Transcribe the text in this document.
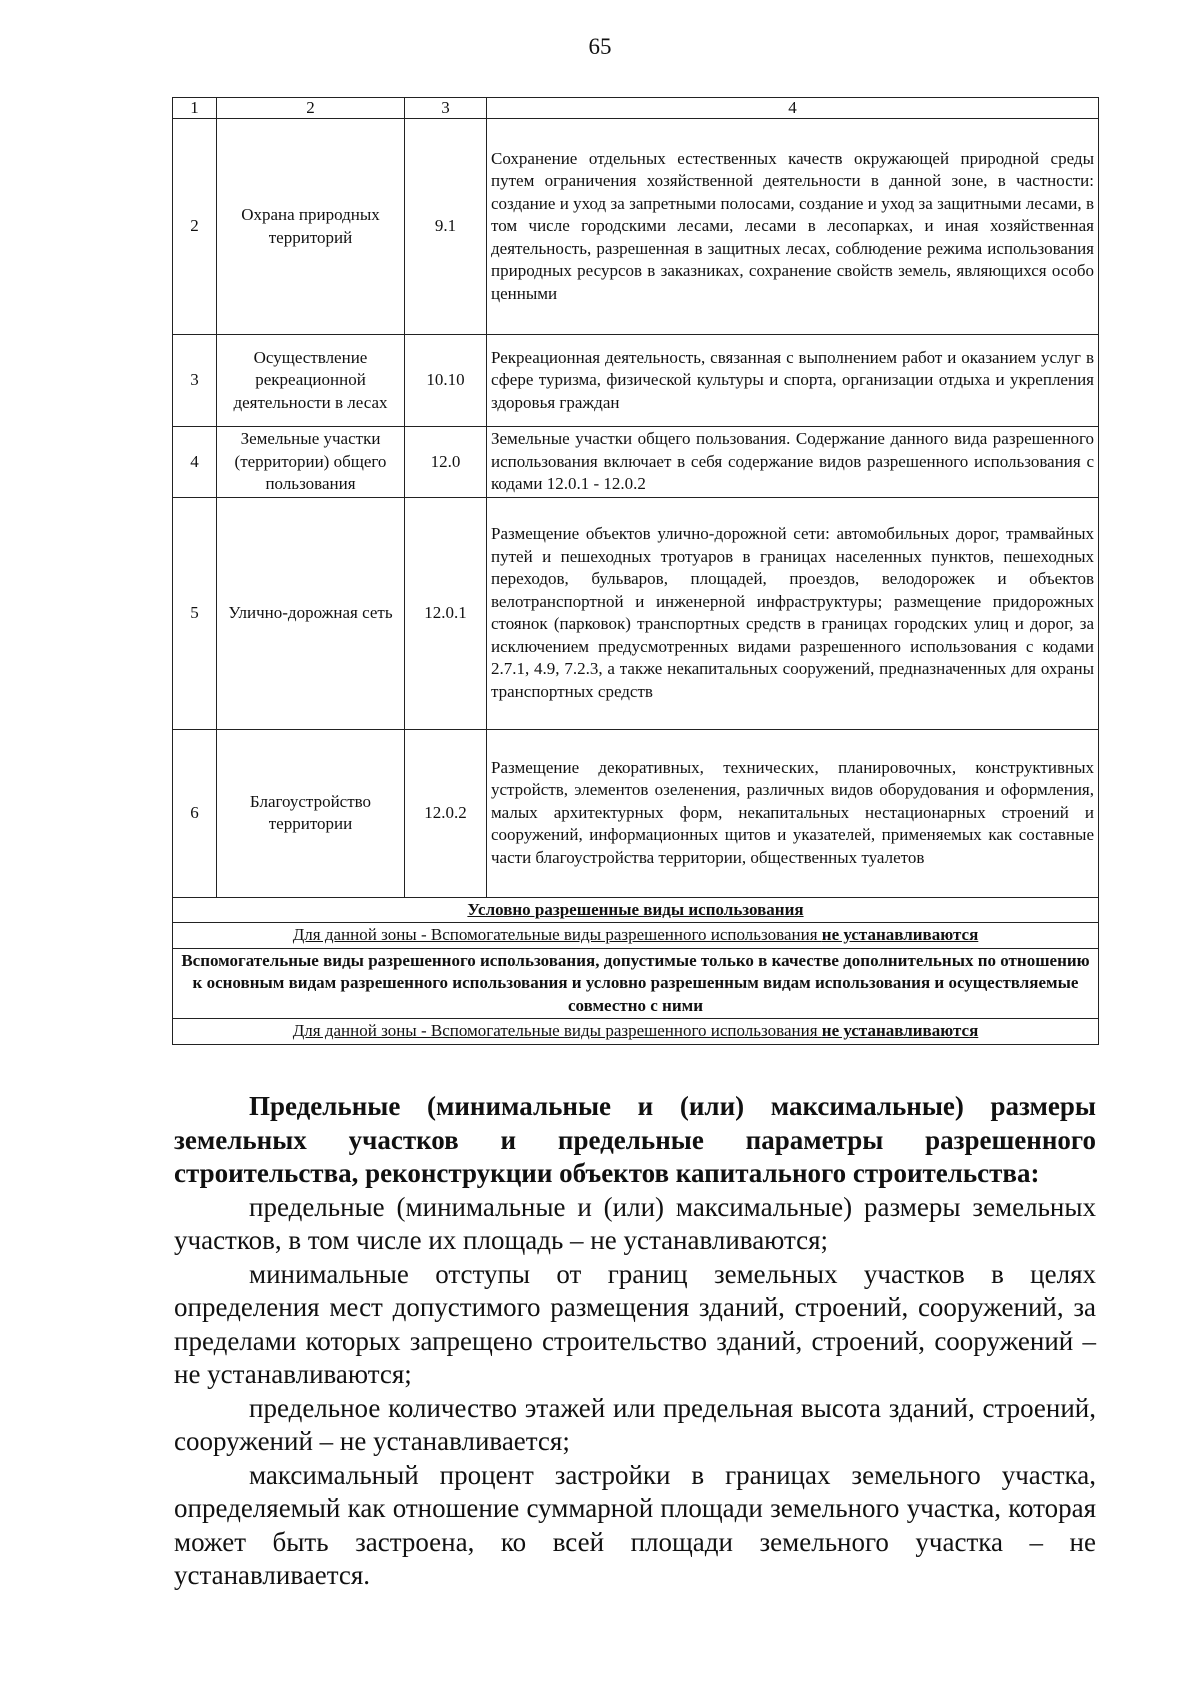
65
1	2	3	4
2	Охрана природных территорий	9.1	Сохранение отдельных естественных качеств окружающей природной среды путем ограничения хозяйственной деятельности в данной зоне, в частности: создание и уход за запретными полосами, создание и уход за защитными лесами, в том числе городскими лесами, лесами в лесопарках, и иная хозяйственная деятельность, разрешенная в защитных лесах, соблюдение режима использования природных ресурсов в заказниках, сохранение свойств земель, являющихся особо ценными
3	Осуществление рекреационной деятельности в лесах	10.10	Рекреационная деятельность, связанная с выполнением работ и оказанием услуг в сфере туризма, физической культуры и спорта, организации отдыха и укрепления здоровья граждан
4	Земельные участки (территории) общего пользования	12.0	Земельные участки общего пользования. Содержание данного вида разрешенного использования включает в себя содержание видов разрешенного использования с кодами 12.0.1 - 12.0.2
5	Улично-дорожная сеть	12.0.1	Размещение объектов улично-дорожной сети: автомобильных дорог, трамвайных путей и пешеходных тротуаров в границах населенных пунктов, пешеходных переходов, бульваров, площадей, проездов, велодорожек и объектов велотранспортной и инженерной инфраструктуры; размещение придорожных стоянок (парковок) транспортных средств в границах городских улиц и дорог, за исключением предусмотренных видами разрешенного использования с кодами 2.7.1, 4.9, 7.2.3, а также некапитальных сооружений, предназначенных для охраны транспортных средств
6	Благоустройство территории	12.0.2	Размещение декоративных, технических, планировочных, конструктивных устройств, элементов озеленения, различных видов оборудования и оформления, малых архитектурных форм, некапитальных нестационарных строений и сооружений, информационных щитов и указателей, применяемых как составные части благоустройства территории, общественных туалетов
Условно разрешенные виды использования			
Для данной зоны - Вспомогательные виды разрешенного использования не устанавливаются			
Вспомогательные виды разрешенного использования, допустимые только в качестве дополнительных по отношению к основным видам разрешенного использования и условно разрешенным видам использования и осуществляемые совместно с ними			
Для данной зоны - Вспомогательные виды разрешенного использования не устанавливаются			

Предельные (минимальные и (или) максимальные) размеры земельных участков и предельные параметры разрешенного строительства, реконструкции объектов капитального строительства:

предельные (минимальные и (или) максимальные) размеры земельных участков, в том числе их площадь – не устанавливаются;

минимальные отступы от границ земельных участков в целях определения мест допустимого размещения зданий, строений, сооружений, за пределами которых запрещено строительство зданий, строений, сооружений – не устанавливаются;

предельное количество этажей или предельная высота зданий, строений, сооружений – не устанавливается;

максимальный процент застройки в границах земельного участка, определяемый как отношение суммарной площади земельного участка, которая может быть застроена, ко всей площади земельного участка – не устанавливается.
